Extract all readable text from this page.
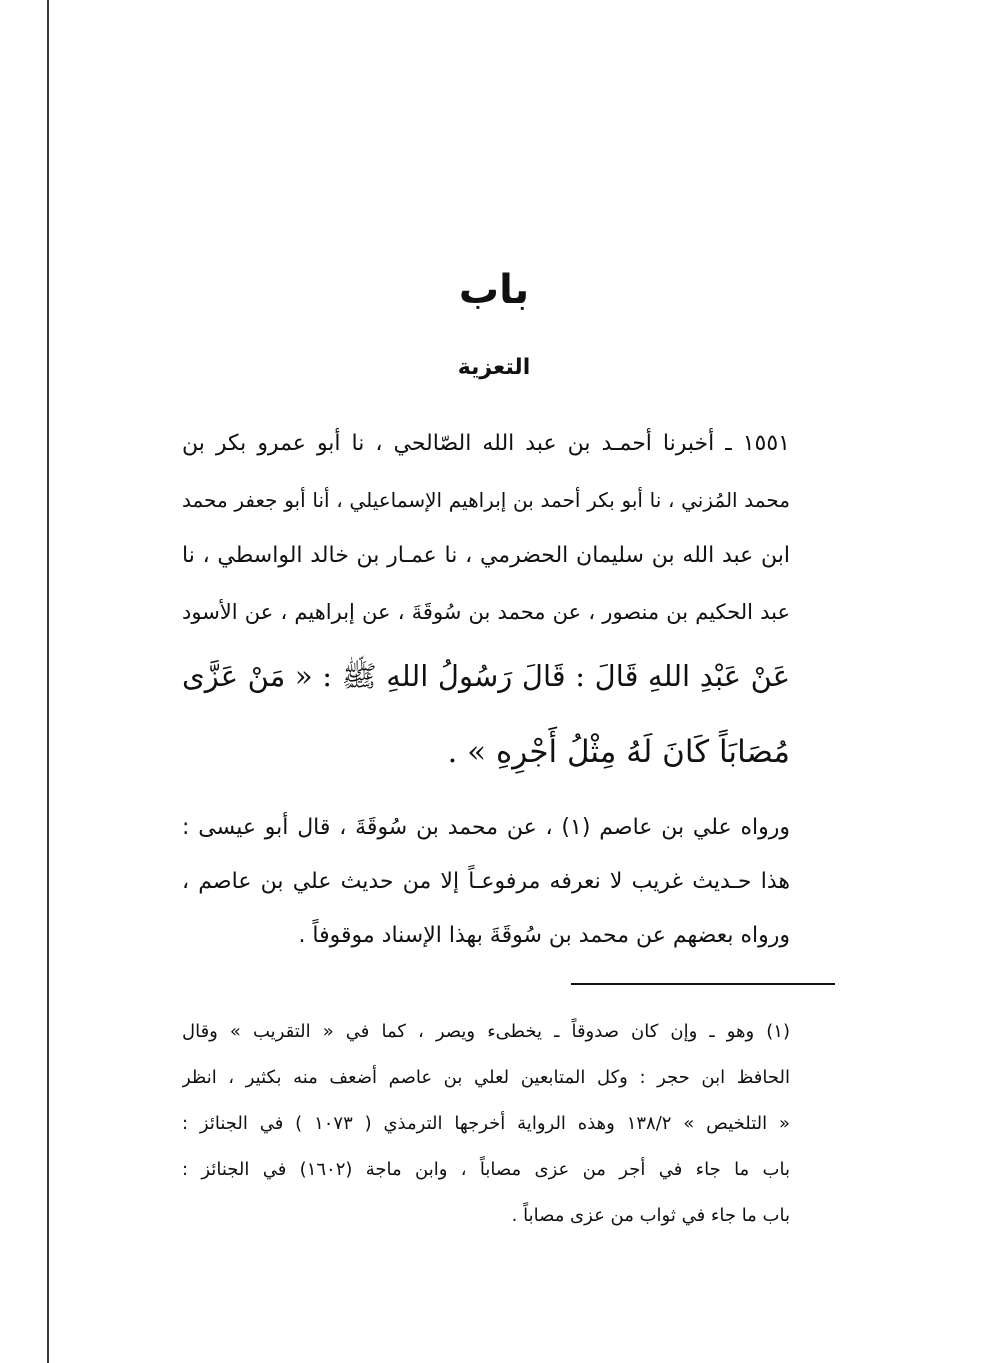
باب
التعزية
١٥٥١ ـ أخبرنا أحمـد بن عبد الله الصّالحي ، نا أبو عمرو بكر بن
محمد المُزني ، نا أبو بكر أحمد بن إبراهيم الإسماعيلي ، أنا أبو جعفر محمد
ابن عبد الله بن سليمان الحضرمي ، نا عمـار بن خالد الواسطي ، نا
عبد الحكيم بن منصور ، عن محمد بن سُوقَةَ ، عن إبراهيم ، عن الأسود
عَنْ عَبْدِ اللهِ قَالَ : قَالَ رَسُولُ اللهِ ﷺ : « مَنْ عَزَّى
مُصَابَاً كَانَ لَهُ مِثْلُ أَجْرِهِ » .
ورواه علي بن عاصم (١) ، عن محمد بن سُوقَةَ ، قال أبو عيسى :
هذا حـديث غريب لا نعرفه مرفوعـاً إلا من حديث علي بن عاصم ،
ورواه بعضهم عن محمد بن سُوقَةَ بهذا الإسناد موقوفاً .
(١) وهو ـ وإن كان صدوقاً ـ يخطىء ويصر ، كما في « التقريب » وقال
الحافظ ابن حجر : وكل المتابعين لعلي بن عاصم أضعف منه بكثير ، انظر
« التلخيص » ١٣٨/٢ وهذه الرواية أخرجها الترمذي ( ١٠٧٣ ) في الجنائز :
باب ما جاء في أجر من عزى مصاباً ، وابن ماجة (١٦٠٢) في الجنائز :
باب ما جاء في ثواب من عزى مصاباً .
